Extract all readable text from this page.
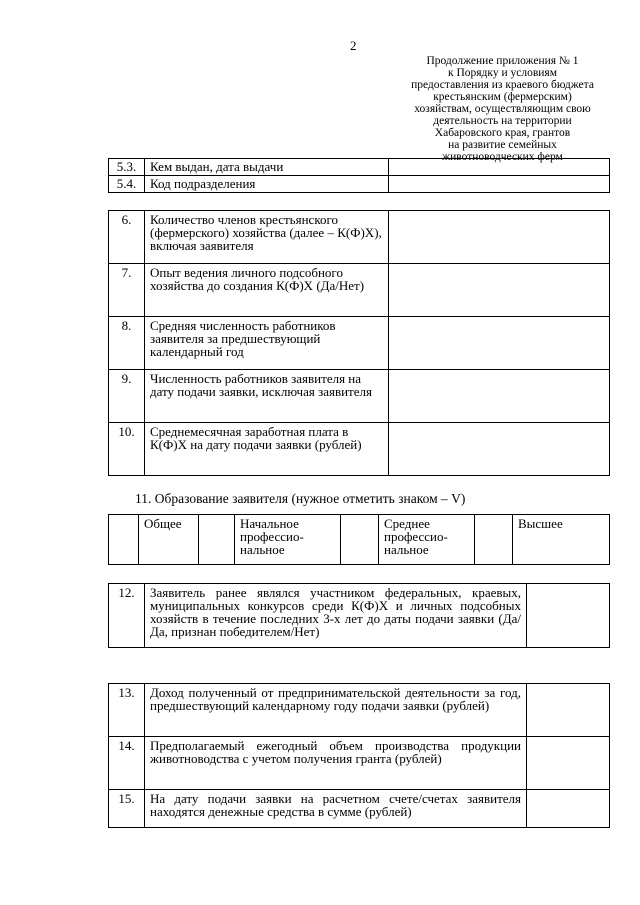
2
Продолжение приложения № 1
к Порядку и условиям
предоставления из краевого бюджета
крестьянским (фермерским)
хозяйствам, осуществляющим свою
деятельность на территории
Хабаровского края, грантов
на развитие семейных
животноводческих ферм
5.3.	Кем выдан, дата выдачи	
5.4.	Код подразделения	
6.	Количество членов крестьянского (фермерского) хозяйства (далее – К(Ф)Х), включая заявителя	
7.	Опыт ведения личного подсобного хозяйства до создания К(Ф)Х (Да/Нет)	
8.	Средняя численность работников заявителя за предшествующий календарный год	
9.	Численность работников заявителя на дату подачи заявки, исключая заявителя	
10.	Среднемесячная заработная плата в К(Ф)Х на дату подачи заявки (рублей)	
11. Образование заявителя (нужное отметить знаком – V)
	Общее		Начальное профессио- нальное		Среднее профессио- нальное		Высшее
12.	Заявитель ранее являлся участником федеральных, краевых, муниципальных конкурсов среди К(Ф)Х и личных подсобных хозяйств в течение последних 3-х лет до даты подачи заявки (Да/Да, признан победителем/Нет)	
13.	Доход полученный от предпринимательской деятельности за год, предшествующий календарному году подачи заявки (рублей)	
14.	Предполагаемый ежегодный объем производства продукции животноводства с учетом получения гранта (рублей)	
15.	На дату подачи заявки на расчетном счете/счетах заявителя находятся денежные средства в сумме (рублей)	
